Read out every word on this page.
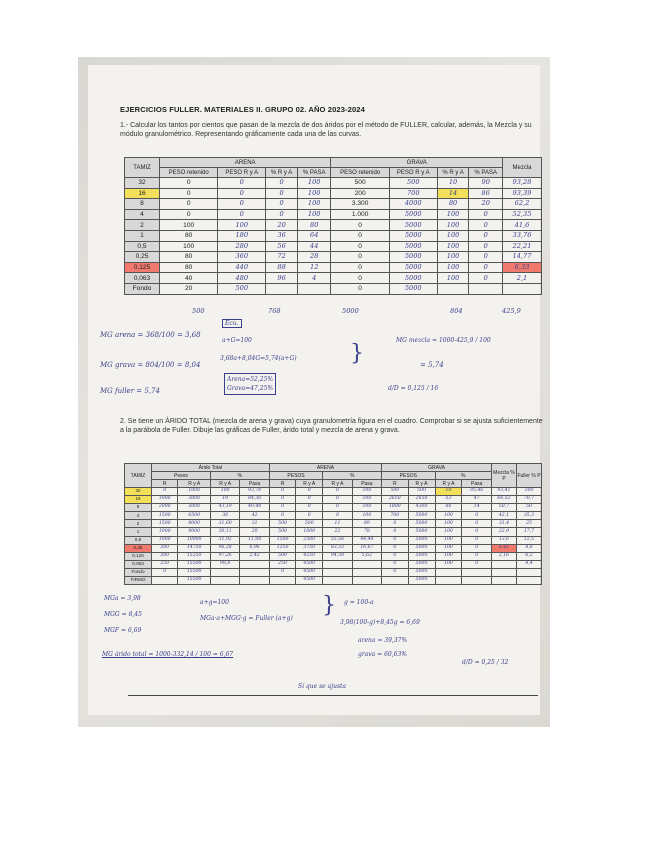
EJERCICIOS FULLER. MATERIALES II. GRUPO 02. AÑO 2023-2024
1.- Calcular los tantos por cientos que pasan de la mezcla de dos áridos por el método de FULLER, calcular, además, la Mezcla y su módulo granulométrico. Representando gráficamente cada una de las curvas.
TAMIZ	ARENA				GRAVA				Mezcla
	PESO retenido	PESO R y A	% R y A	% PASA	PESO retenido	PESO R y A	% R y A	% PASA	
32	0	0	0	100	500	500	10	90	93,28
16	0	0	0	100	200	700	14	86	93,39
8	0	0	0	100	3.300	4000	80	20	62,2
4	0	0	0	100	1.000	5000	100	0	52,35
2	100	100	20	80	0	5000	100	0	41,6
1	80	180	36	64	0	5000	100	0	33,76
0,5	100	280	56	44	0	5000	100	0	22,21
0,25	80	360	72	28	0	5000	100	0	14,77
0,125	80	440	88	12	0	5000	100	0	6,33
0,063	40	480	96	4	0	5000	100	0	2,1
Fondo	20	500			0	5000			
500	768	5000	804	425,9
MG arena = 368/100 = 3,68
MG grava = 804/100 = 8,04
MG fuller = 5,74
Ecu.
a+G=100
3,68a+8,04G=5,74(a+G) }
Arena=52,25%
Grava=47,25%
MG mezcla = 1000-425,9 / 100
= 5,74
d/D = 0,125 / 16
2. Se tiene un ÁRIDO TOTAL (mezcla de arena y grava) cuya granulometría figura en el cuadro. Comprobar si se ajusta suficientemente a la parábola de Fuller. Dibuje las gráficas de Fuller, árido total y mezcla de arena y grava.
TAMIZ	Árido Total				ARENA				GRAVA				Mezcla % P	Fuller % P
	Pesos		%		PESOS		%		PESOS		%			
	R	R y A	R y A	Pasa	R	R y A	R y A	Pasa	R	R y A	R y A	Pasa		
32	0	1000	100	93,78	0	0	0	100	500	500	10	95,46	93,41	100
16	1000	3000	19	84,36	0	0	0	100	2650	2650	53	47	66,53	70,7
8	2000	5000	43,19	40,48	0	0	0	100	1800	4300	86	14	50,7	50
4	1500	6500	36	42	0	0	0	100	700	5000	100	0	42,1	35,3
2	1500	8000	31,60	31	500	500	11	89	0	5000	100	0	31,4	25
1	1000	9000	30,11	20	500	1000	22	78	0	5000	100	0	22,9	17,7
0,5	1000	10000	31,92	11,08	1500	2500	55,56	44,44	0	5000	100	0	13,6	12,5
0,25	500	14750	96,28	6,96	1250	3750	83,33	16,67	0	5000	100	0	6,42	8,8
0,125	500	15250	97,26	2,42	500	4250	94,38	5,62	0	5000	100	0	2,16	6,2
0,063	250	15500	98,8		250	4500			0	5000	100	0		4,4
Fondo	0	15500			0	4500			0	5000				
FIRMO		15500				4500				5000				
MGa = 3,98
MGG = 8,45
MGF = 6,69
a+g=100
MGa·a+MGG·g = Fuller (a+g)
} g = 100-a
3,98(100-g)+8,45g = 6,69
arena = 39,37%
grava = 60,63%
MG árido total = 1000-332,14 / 100 = 6,67
d/D = 0,25 / 32
Sí que se ajusta
